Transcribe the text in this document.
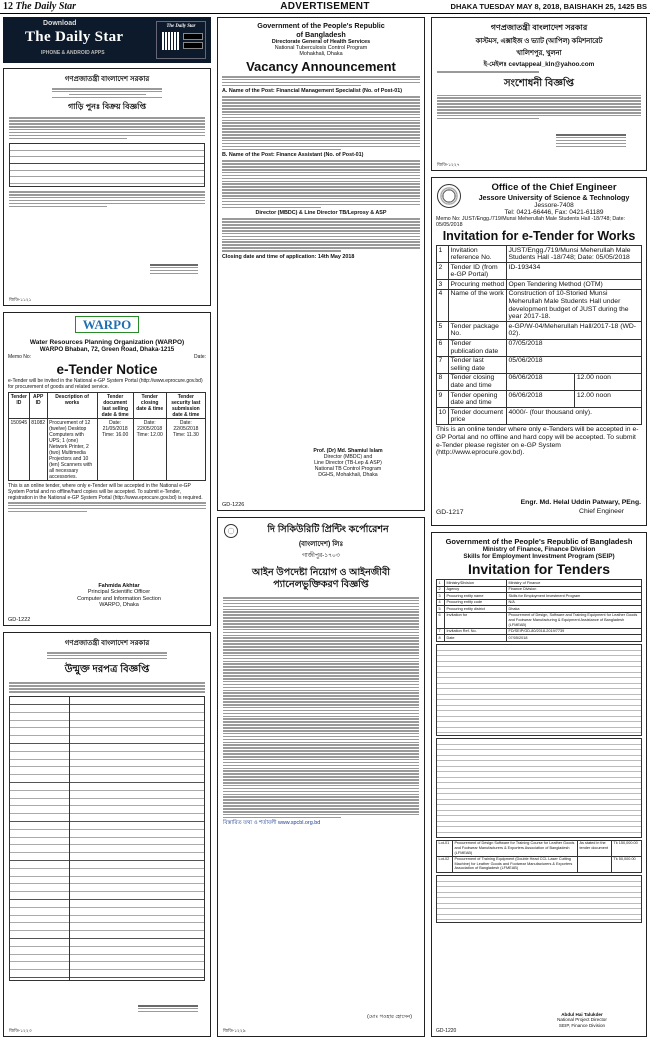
12 The Daily Star	ADVERTISEMENT	DHAKA TUESDAY MAY 8, 2018, BAISHAKH 25, 1425 BS
Download
The Daily Star
IPHONE & ANDROID APPS
The Daily Star
গণপ্রজাতন্ত্রী বাংলাদেশ সরকার
গাড়ি পুনঃ বিক্রয় বিজ্ঞপ্তি
জিডি-১১২১
WARPO
Water Resources Planning Organization (WARPO)
WARPO Bhaban, 72, Green Road, Dhaka-1215
Memo No:	Date:
e-Tender Notice
e-Tender will be invited in the National e-GP System Portal (http://www.eprocure.gov.bd) for procurement of goods and related service.
Tender ID	APP ID	Description of works	Tender document last selling date & time	Tender closing date & time	Tender security last submission date & time
150945	81082	Procurement of 12 (twelve) Desktop Computers with UPS; 1 (one) Network Printer, 2 (two) Multimedia Projectors and 10 (ten) Scanners with all necessary accessories.	Date: 21/05/2018 Time: 16.00	Date: 22/05/2018 Time: 12.00	Date: 22/05/2018 Time: 11.30
This is an online tender, where only e-Tender will be accepted in the National e-GP System Portal and no offline/hard copies will be accepted. To submit e-Tender, registration in the National e-GP System Portal (http://www.eprocure.gov.bd) is required.
Fahmida Akhtar
Principal Scientific Officer
Computer and Information Section
WARPO, Dhaka
GD-1222
গণপ্রজাতন্ত্রী বাংলাদেশ সরকার
উন্মুক্ত দরপত্র বিজ্ঞপ্তি
জিডি-১২২৩
Government of the People's Republic
of Bangladesh
Directorate General of Health Services
National Tuberculosis Control Program
Mohakhali, Dhaka
Vacancy Announcement
A. Name of the Post: Financial Management Specialist (No. of Post-01)
B. Name of the Post: Finance Assistant (No. of Post-01)
Director (MBDC) & Line Director TB/Leprosy & ASP
Closing date and time of application: 14th May 2018
Prof. (Dr) Md. Shamiul Islam
Director (MBDC) and
Line Director (TB-Lep & ASP)
National TB Control Program
DGHS, Mohakhali, Dhaka
GD-1226
দি সিকিউরিটি প্রিন্টিং কর্পোরেশন
(বাংলাদেশ) লিঃ
গাজীপুর-১৭০৩
আইন উপদেষ্টা নিয়োগ ও আইনজীবী প্যানেলভুক্তিকরণ বিজ্ঞপ্তি
বিস্তারিত তথ্য ও শর্তাবলী www.spcbl.org.bd
(মোঃ গওহার হোসেন)
জিডি-১২২৯
গণপ্রজাতন্ত্রী বাংলাদেশ সরকার
কাস্টমস, এক্সাইজ ও ভ্যাট (আপিল) কমিশনারেট
খালিশপুর, খুলনা
ই-মেইলঃ cevtappeal_kln@yahoo.com
সংশোধনী বিজ্ঞপ্তি
জিডি-১২২৭
Office of the Chief Engineer
Jessore University of Science & Technology
Jessore-7408
Tel: 0421-66446, Fax: 0421-61189
Memo No: JUST/Engg./719/Munsi Meherullah Male Students Hall -18/748; Date: 05/05/2018
Invitation for e-Tender for Works
1	Invitation reference No.	JUST/Engg./719/Munsi Meherullah Male Students Hall -18/748; Date: 05/05/2018	
2	Tender ID (from e-GP Portal)	ID-193434	
3	Procuring method	Open Tendering Method (OTM)	
4	Name of the work	Construction of 10-Storied Munsi Meherullah Male Students Hall under development budget of JUST during the year 2017-18.	
5	Tender package No.	e-GP/W-04/Meherullah Hall/2017-18 (WD-02).	
6	Tender publication date	07/05/2018	
7	Tender last selling date	05/06/2018	
8	Tender closing date and time	06/06/2018	12.00 noon
9	Tender opening date and time	06/06/2018	12.00 noon
10	Tender document price	4000/- (four thousand only).	
This is an online tender where only e-Tenders will be accepted in e-GP Portal and no offline and hard copy will be accepted. To submit e-Tender please register on e-GP System (http://www.eprocure.gov.bd).
Engr. Md. Helal Uddin Patwary, PEng.
Chief Engineer
GD-1217
Government of the People's Republic of Bangladesh
Ministry of Finance, Finance Division
Skills for Employment Investment Program (SEIP)
Invitation for Tenders
1	Ministry/Division	Ministry of Finance
2	Agency	Finance Division
3	Procuring entity name	Skills for Employment Investment Program
4	Procuring entity code	N/A
5	Procuring entity district	Dhaka
6	Invitation for	Procurement of Design, Software and Training Equipment for Leather Goods and Footwear Manufacturing & Equipment Assistance of Bangladesh (LFMEAB)
7	Invitation Ref. No.	FD/SEIP/GD-80/2018-2019/7739
8	Date	07/05/2018
Lot-01	Procurement of Design Software for Training Course for Leather Goods and Footwear Manufacturers & Exporters Association of Bangladesh (LFMEAB)	As stated in the tender document	Tk 150,000.00
Lot-02	Procurement of Training Equipment (Double Head CCL Laser Cutting Machine) for Leather Goods and Footwear Manufacturers & Exporters Association of Bangladesh (LFMEAB)		Tk 50,000.00
Abdul Hai Talukder
National Project Director
SEIP, Finance Division
GD-1220
